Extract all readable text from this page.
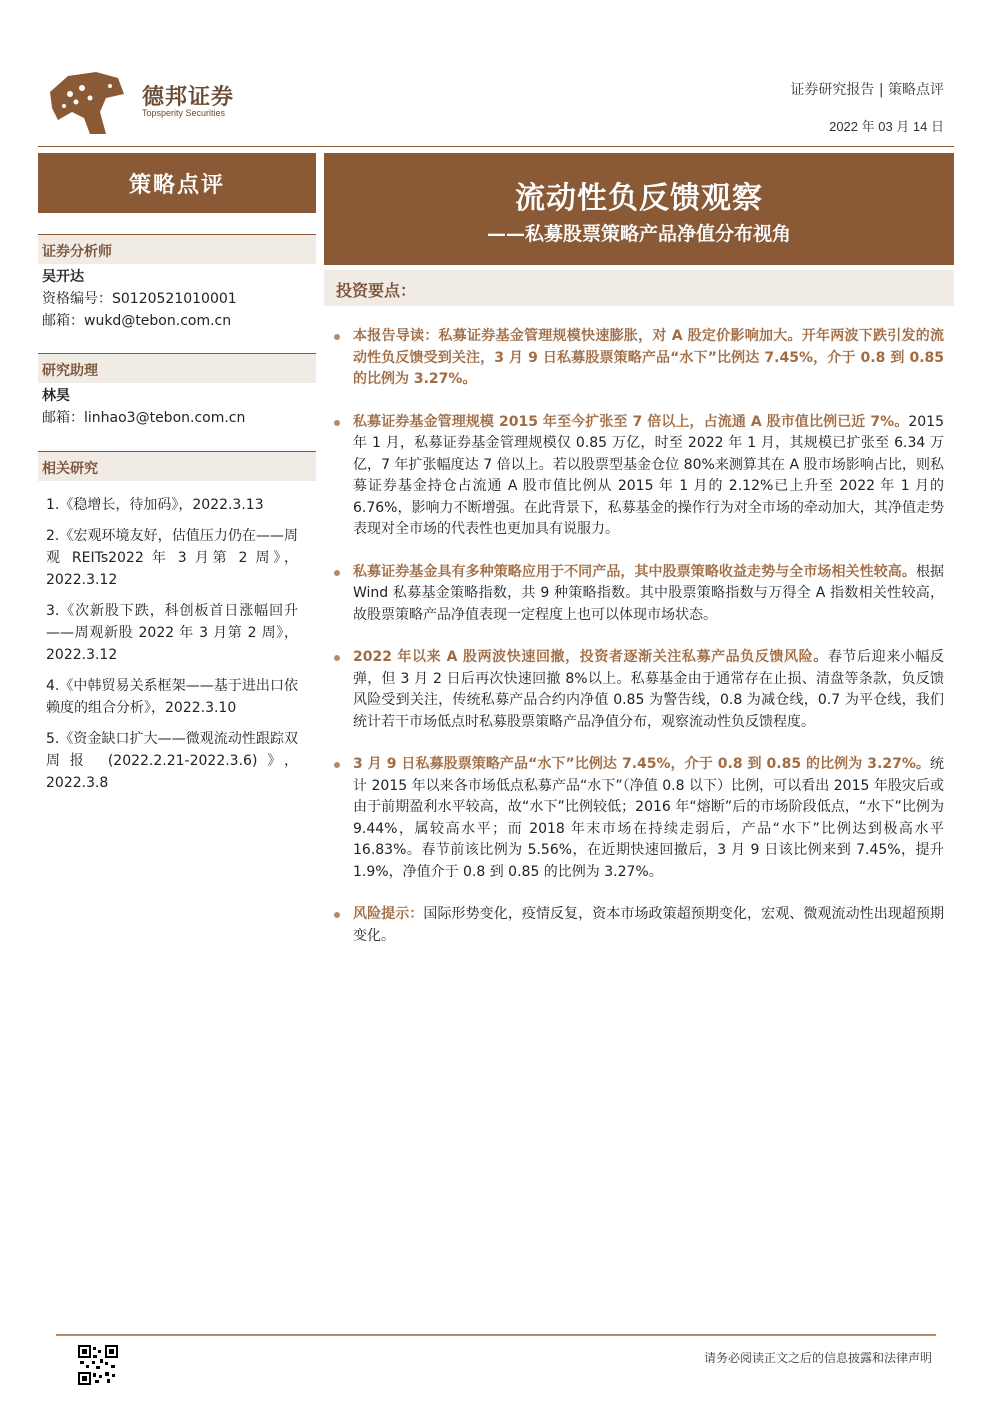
德邦证券
Topsperity Securities
证券研究报告 | 策略点评
2022 年 03 月 14 日
策略点评
证券分析师
吴开达
资格编号：S0120521010001
邮箱：wukd@tebon.com.cn
研究助理
林昊
邮箱：linhao3@tebon.com.cn
相关研究
1.《稳增长，待加码》，2022.3.13
2.《宏观环境友好，估值压力仍在——周观 REITs2022 年 3 月第 2 周》，2022.3.12
3.《次新股下跌，科创板首日涨幅回升——周观新股 2022 年 3 月第 2 周》，2022.3.12
4.《中韩贸易关系框架——基于进出口依赖度的组合分析》，2022.3.10
5.《资金缺口扩大——微观流动性跟踪双周报 (2022.2.21-2022.3.6)》，2022.3.8
流动性负反馈观察
——私募股票策略产品净值分布视角
投资要点：
本报告导读：私募证券基金管理规模快速膨胀，对 A 股定价影响加大。开年两波下跌引发的流动性负反馈受到关注，3 月 9 日私募股票策略产品“水下”比例达 7.45%，介于 0.8 到 0.85 的比例为 3.27%。
私募证券基金管理规模 2015 年至今扩张至 7 倍以上，占流通 A 股市值比例已近 7%。2015 年 1 月，私募证券基金管理规模仅 0.85 万亿，时至 2022 年 1 月，其规模已扩张至 6.34 万亿，7 年扩张幅度达 7 倍以上。若以股票型基金仓位 80%来测算其在 A 股市场影响占比，则私募证券基金持仓占流通 A 股市值比例从 2015 年 1 月的 2.12%已上升至 2022 年 1 月的 6.76%，影响力不断增强。在此背景下，私募基金的操作行为对全市场的牵动加大，其净值走势表现对全市场的代表性也更加具有说服力。
私募证券基金具有多种策略应用于不同产品，其中股票策略收益走势与全市场相关性较高。根据 Wind 私募基金策略指数，共 9 种策略指数。其中股票策略指数与万得全 A 指数相关性较高，故股票策略产品净值表现一定程度上也可以体现市场状态。
2022 年以来 A 股两波快速回撤，投资者逐渐关注私募产品负反馈风险。春节后迎来小幅反弹，但 3 月 2 日后再次快速回撤 8%以上。私募基金由于通常存在止损、清盘等条款，负反馈风险受到关注，传统私募产品合约内净值 0.85 为警告线，0.8 为减仓线，0.7 为平仓线，我们统计若干市场低点时私募股票策略产品净值分布，观察流动性负反馈程度。
3 月 9 日私募股票策略产品“水下”比例达 7.45%，介于 0.8 到 0.85 的比例为 3.27%。统计 2015 年以来各市场低点私募产品“水下”（净值 0.8 以下）比例，可以看出 2015 年股灾后或由于前期盈利水平较高，故“水下”比例较低；2016 年“熔断”后的市场阶段低点，“水下”比例为 9.44%，属较高水平；而 2018 年末市场在持续走弱后，产品“水下”比例达到极高水平 16.83%。春节前该比例为 5.56%，在近期快速回撤后，3 月 9 日该比例来到 7.45%，提升 1.9%，净值介于 0.8 到 0.85 的比例为 3.27%。
风险提示：国际形势变化，疫情反复，资本市场政策超预期变化，宏观、微观流动性出现超预期变化。
请务必阅读正文之后的信息披露和法律声明
